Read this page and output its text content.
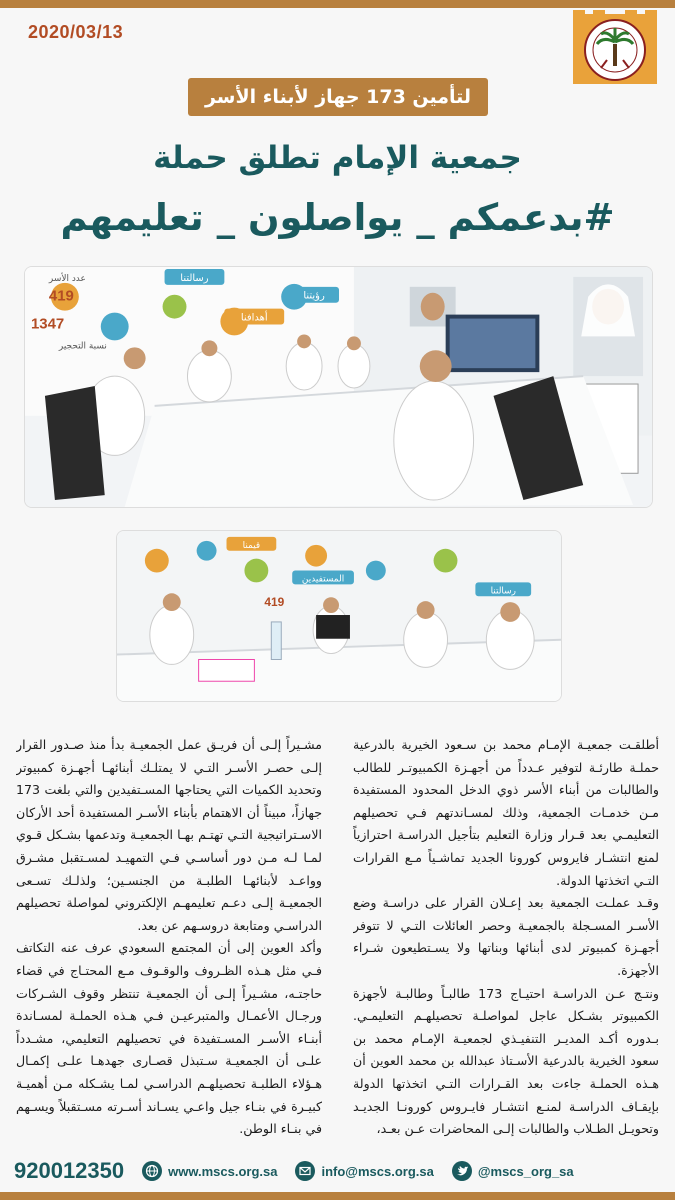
2020/03/13
لتأمين 173 جهاز لأبناء الأسر
جمعية الإمام تطلق حملة
#بدعمكم _ يواصلون _ تعليمهم
رسالتنا
أهدافنا
رؤيتنا
عدد الأسر
419
1347
نسبة التحجير
قيمنا
المستفيدين
رسالتنا
419

أطلقـت جمعيـة الإمـام محمد بن سـعود الخيرية بالدرعية حملـة طارئـة لتوفير عـدداً من أجهـزة الكمبيوتـر للطالب والطالبات من أبناء الأسر ذوي الدخل المحدود المستفيدة مـن خدمـات الجمعية، وذلك لمسـاندتهم فـي تحصيلهم التعليمـي بعد قـرار وزارة التعليم بتأجيل الدراسـة احترازياً لمنع انتشـار فايروس كورونا الجديد تماشـياً مـع القرارات التـي اتخذتها الدولة.

وقـد عملـت الجمعية بعد إعـلان القرار على دراسـة وضع الأسـر المسـجلة بالجمعيـة وحصر العائلات التـي لا تتوفر أجهـزة كمبيوتر لدى أبنائها وبناتها ولا يسـتطيعون شـراء الأجهزة.

ونتـج عـن الدراسـة احتيـاج 173 طالبـاً وطالبـة لأجهزة الكمبيوتر بشـكل عاجل لمواصلـة تحصيلهـم التعليمـي. بـدوره أكـد المديـر التنفيـذي لجمعيـة الإمـام محمد بن سعود الخيرية بالدرعية الأسـتاذ عبدالله بن محمد العوين أن هـذه الحملـة جاءت بعد القـرارات التـي اتخذتها الدولة بإيقـاف الدراسـة لمنـع انتشـار فايـروس كورونـا الجديـد وتحويـل الطـلاب والطالبات إلـى المحاضرات عـن بعـد،

مشـيراً إلـى أن فريـق عمل الجمعيـة بدأ منذ صـدور القرار إلـى حصـر الأسـر التـي لا يمتلـك أبنائهـا أجهـزة كمبيوتر وتحديد الكميات التي يحتاجها المسـتفيدين والتي بلغت 173 جهازاً، مبيناً أن الاهتمام بأبناء الأسـر المستفيدة أحد الأركان الاسـتراتيجية التـي تهتـم بهـا الجمعيـة وتدعمها بشـكل قـوي لمـا لـه مـن دور أساسـي فـي التمهيـد لمسـتقبل مشـرق وواعـد لأبنائهـا الطلبـة من الجنسـين؛ ولذلـك تسـعى الجمعيـة إلـى دعـم تعليمهـم الإلكتروني لمواصلة تحصيلهم الدراسـي ومتابعة دروسـهم عن بعد.

وأكد العوين إلى أن المجتمع السعودي عرف عنه التكاتف فـي مثل هـذه الظـروف والوقـوف مـع المحتـاج في قضاء حاجتـه، مشـيراً إلـى أن الجمعيـة تنتظر وقوف الشـركات ورجـال الأعمـال والمتبرعيـن فـي هـذه الحملـة لمسـاندة أبنـاء الأسـر المسـتفيدة في تحصيلهم التعليمي، مشـدداً علـى أن الجمعيـة سـتبذل قصـارى جهدهـا علـى إكمـال هـؤلاء الطلبـة تحصيلهـم الدراسـي لمـا يشـكله مـن أهميـة كبيـرة في بنـاء جيل واعـي يسـاند أسـرته مسـتقبلاً ويسـهم في بنـاء الوطن.

920012350	www.mscs.org.sa	info@mscs.org.sa	@mscs_org_sa
